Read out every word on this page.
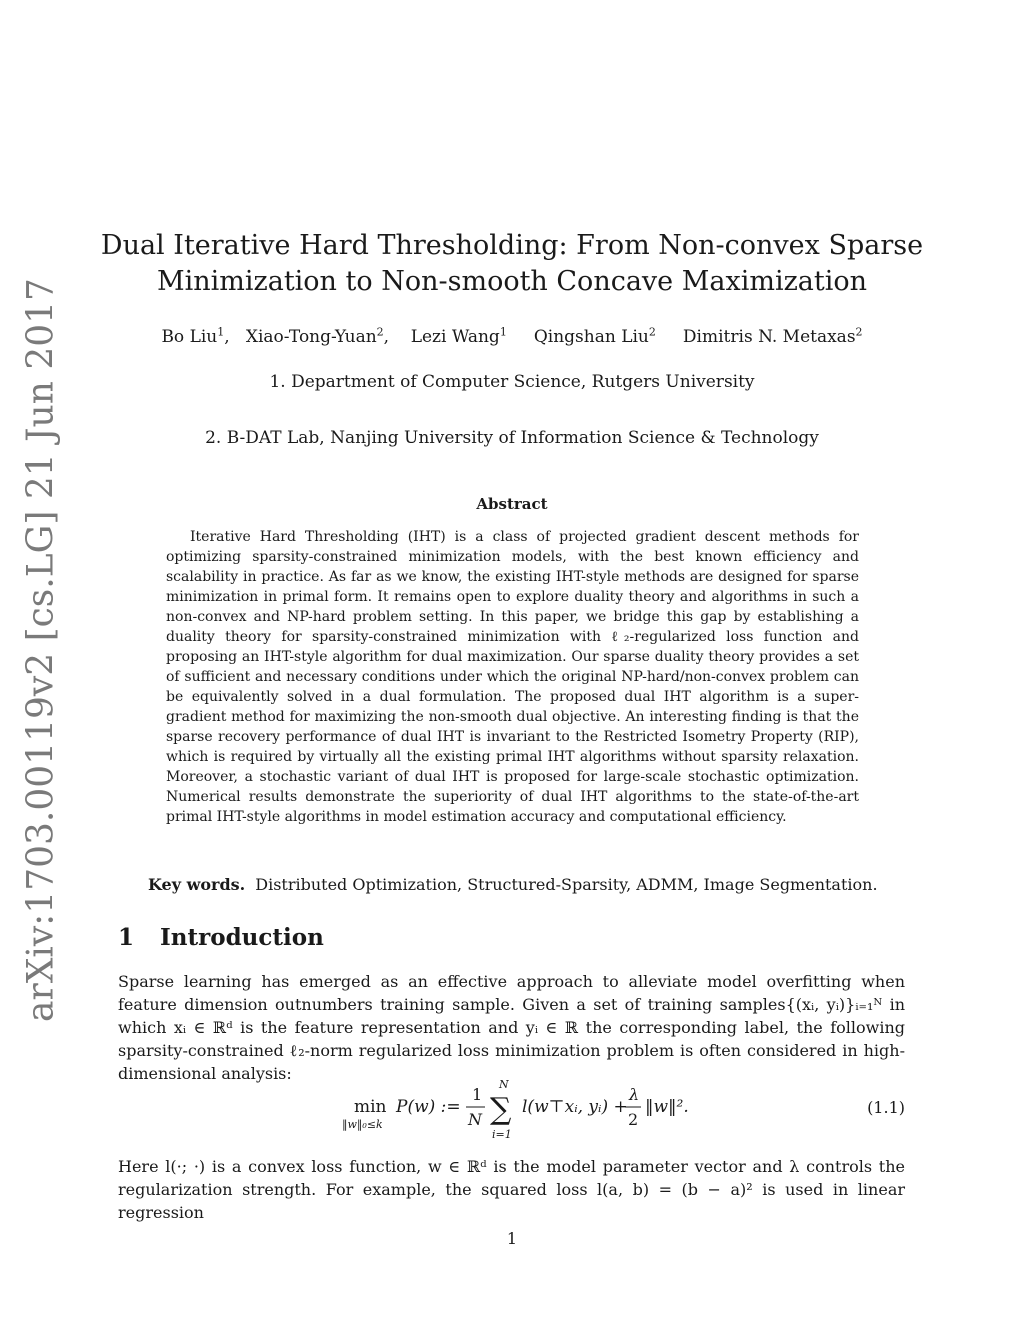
arXiv:1703.00119v2 [cs.LG] 21 Jun 2017
Dual Iterative Hard Thresholding: From Non-convex Sparse
Minimization to Non-smooth Concave Maximization
Bo Liu$^1$, Xiao-Tong-Yuan$^2$, Lezi Wang$^1$ Qingshan Liu$^2$ Dimitris N. Metaxas$^2$
1. Department of Computer Science, Rutgers University
2. B-DAT Lab, Nanjing University of Information Science & Technology
Abstract
Iterative Hard Thresholding (IHT) is a class of projected gradient descent methods for optimizing sparsity-constrained minimization models, with the best known efficiency and scalability in practice. As far as we know, the existing IHT-style methods are designed for sparse minimization in primal form. It remains open to explore duality theory and algorithms in such a non-convex and NP-hard problem setting. In this paper, we bridge this gap by establishing a duality theory for sparsity-constrained minimization with ℓ₂-regularized loss function and proposing an IHT-style algorithm for dual maximization. Our sparse duality theory provides a set of sufficient and necessary conditions under which the original NP-hard/non-convex problem can be equivalently solved in a dual formulation. The proposed dual IHT algorithm is a super-gradient method for maximizing the non-smooth dual objective. An interesting finding is that the sparse recovery performance of dual IHT is invariant to the Restricted Isometry Property (RIP), which is required by virtually all the existing primal IHT algorithms without sparsity relaxation. Moreover, a stochastic variant of dual IHT is proposed for large-scale stochastic optimization. Numerical results demonstrate the superiority of dual IHT algorithms to the state-of-the-art primal IHT-style algorithms in model estimation accuracy and computational efficiency.
Key words. Distributed Optimization, Structured-Sparsity, ADMM, Image Segmentation.
1 Introduction
Sparse learning has emerged as an effective approach to alleviate model overfitting when feature dimension outnumbers training sample. Given a set of training samples{(xᵢ, yᵢ)}ᵢ₌₁ᴺ in which xᵢ ∈ ℝᵈ is the feature representation and yᵢ ∈ ℝ the corresponding label, the following sparsity-constrained ℓ₂-norm regularized loss minimization problem is often considered in high-dimensional analysis:
min
‖w‖₀≤k
P(w) :=
1
N
N
∑
i=1
l(w⊤xᵢ, yᵢ) +
λ
2
‖w‖².	(1.1)
Here l(·; ·) is a convex loss function, w ∈ ℝᵈ is the model parameter vector and λ controls the regularization strength. For example, the squared loss l(a, b) = (b − a)² is used in linear regression
1
